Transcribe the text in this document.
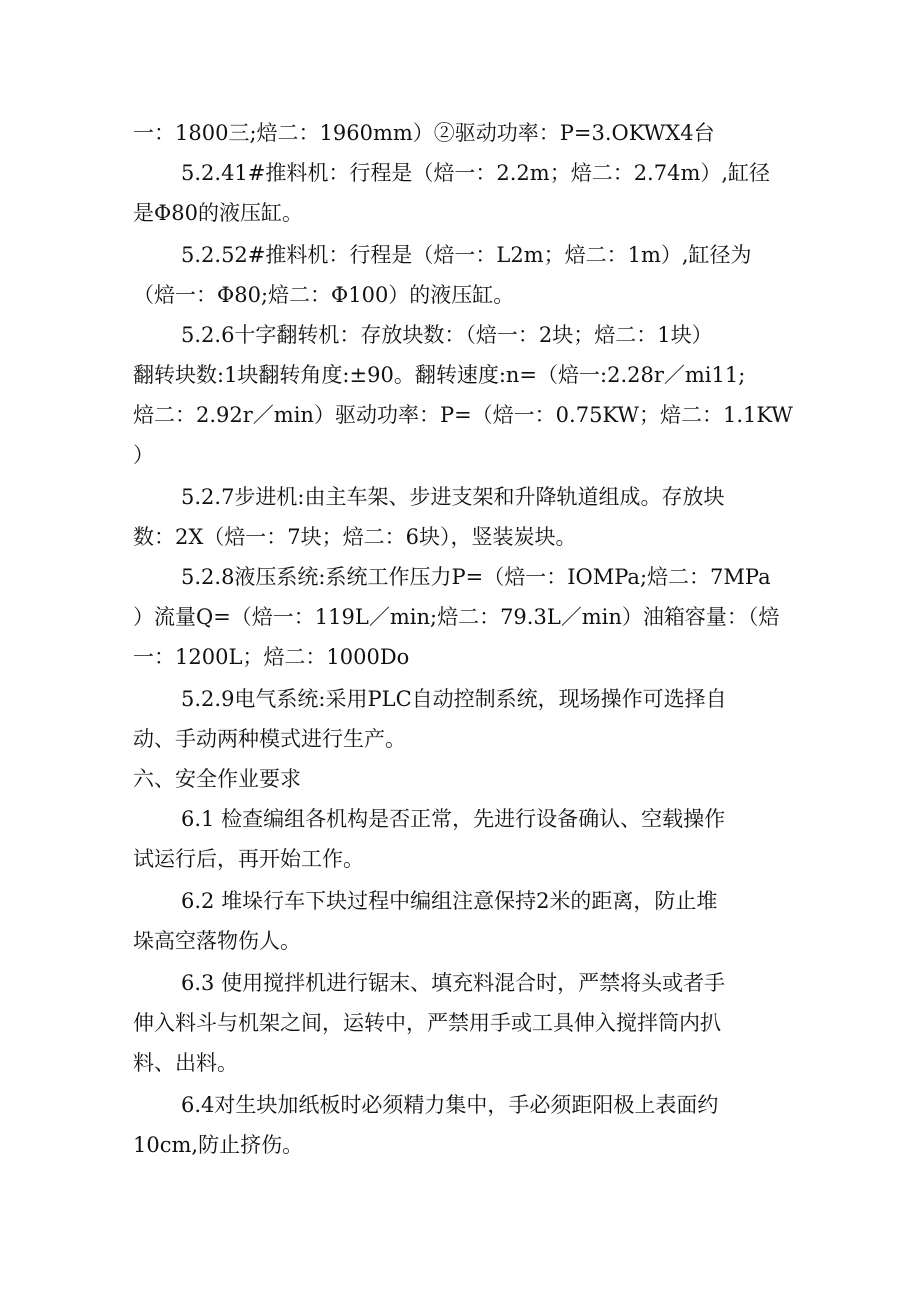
一：1800三;焙二：1960mm）②驱动功率：P=3.OKWX4台
5.2.41#推料机：行程是（焙一：2.2m；焙二：2.74m）,缸径
是Φ80的液压缸。
5.2.52#推料机：行程是（焙一：L2m；焙二：1m）,缸径为
（焙一：Φ80;焙二：Φ100）的液压缸。
5.2.6十字翻转机：存放块数：（焙一：2块；焙二：1块）
翻转块数:1块翻转角度:±90。翻转速度:n=（焙一:2.28r／mi11;
焙二：2.92r／min）驱动功率：P=（焙一：0.75KW；焙二：1.1KW
）
5.2.7步进机:由主车架、步进支架和升降轨道组成。存放块
数：2X（焙一：7块；焙二：6块），竖装炭块。
5.2.8液压系统:系统工作压力P=（焙一：IOMPa;焙二：7MPa
）流量Q=（焙一：119L／min;焙二：79.3L／min）油箱容量：（焙
一：1200L；焙二：1000Do
5.2.9电气系统:采用PLC自动控制系统，现场操作可选择自
动、手动两种模式进行生产。
六、安全作业要求
6.1 检查编组各机构是否正常，先进行设备确认、空载操作
试运行后，再开始工作。
6.2 堆垛行车下块过程中编组注意保持2米的距离，防止堆
垛高空落物伤人。
6.3 使用搅拌机进行锯末、填充料混合时，严禁将头或者手
伸入料斗与机架之间，运转中，严禁用手或工具伸入搅拌筒内扒
料、出料。
6.4对生块加纸板时必须精力集中，手必须距阳极上表面约
10cm,防止挤伤。
